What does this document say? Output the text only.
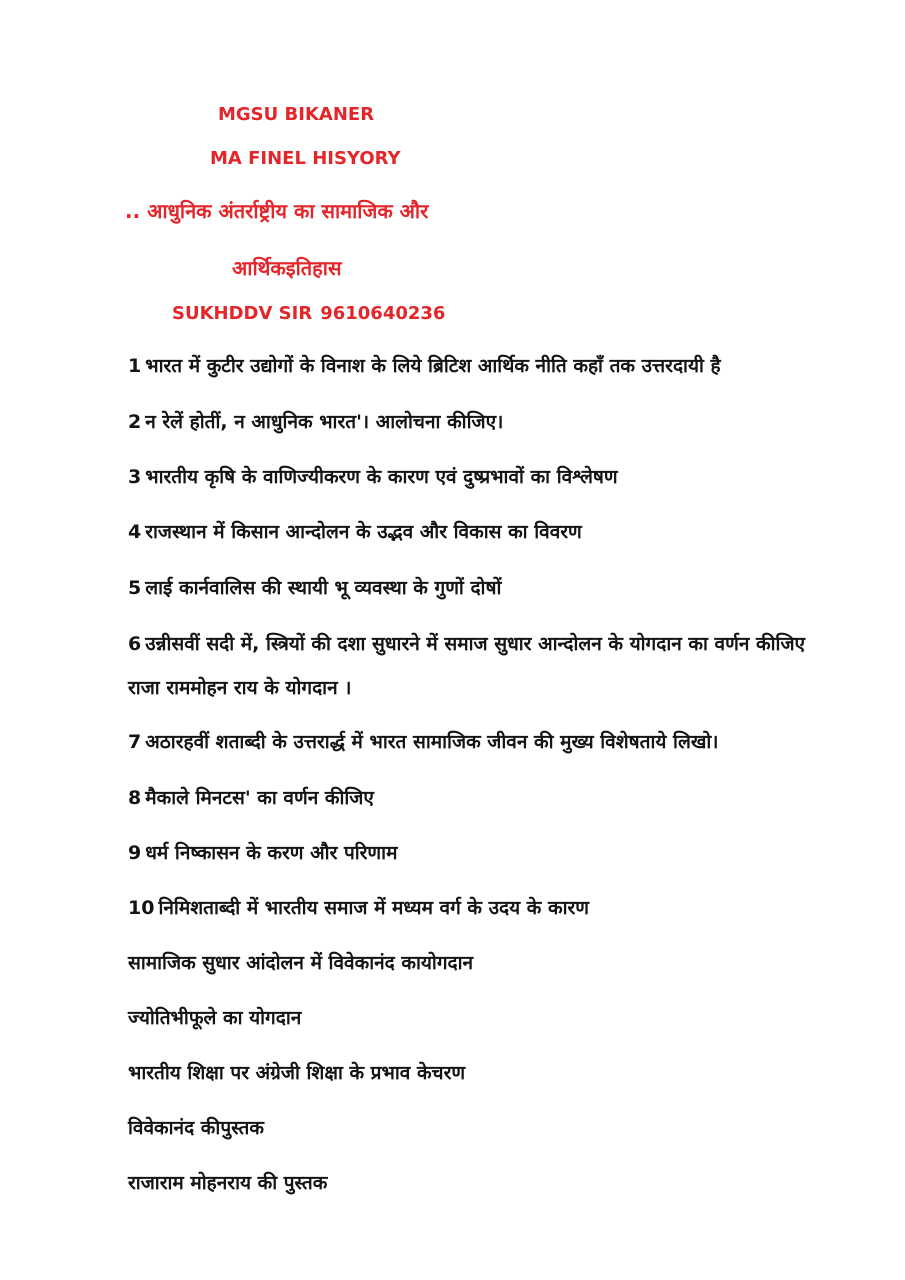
MGSU BIKANER
MA FINEL HISYORY
.. आधुनिक अंतर्राष्ट्रीय का सामाजिक और
आर्थिकइतिहास
SUKHDDV SIR 9610640236
1 भारत में कुटीर उद्योगों के विनाश के लिये ब्रिटिश आर्थिक नीति कहाँ तक उत्तरदायी है
2 न रेलें होतीं, न आधुनिक भारत'। आलोचना कीजिए।
3 भारतीय कृषि के वाणिज्यीकरण के कारण एवं दुष्प्रभावों का विश्लेषण
4 राजस्थान में किसान आन्दोलन के उद्भव और विकास का विवरण
5 लाई कार्नवालिस की स्थायी भू व्यवस्था के गुणों दोषों
6 उन्नीसवीं सदी में, स्त्रियों की दशा सुधारने में समाज सुधार आन्दोलन के योगदान का वर्णन कीजिए
राजा राममोहन राय के योगदान ।
7 अठारहवीं शताब्दी के उत्तरार्द्ध में भारत सामाजिक जीवन की मुख्य विशेषताये लिखो।
8 मैकाले मिनटस' का वर्णन कीजिए
9 धर्म निष्कासन के करण और परिणाम
10 निमिशताब्दी में भारतीय समाज में मध्यम वर्ग के उदय के कारण
सामाजिक सुधार आंदोलन में विवेकानंद कायोगदान
ज्योतिभीफूले का योगदान
भारतीय शिक्षा पर अंग्रेजी शिक्षा के प्रभाव केचरण
विवेकानंद कीपुस्तक
राजाराम मोहनराय की पुस्तक
